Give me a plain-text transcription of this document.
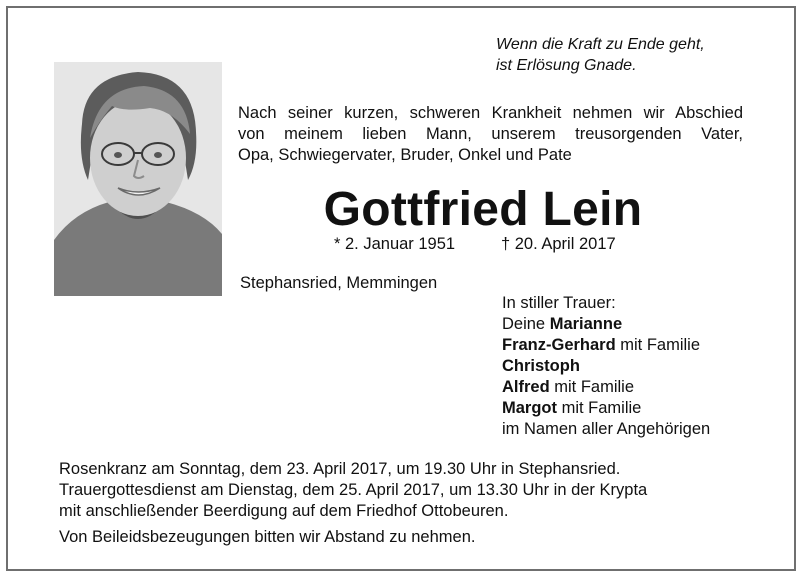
Wenn die Kraft zu Ende geht,
ist Erlösung Gnade.
Nach seiner kurzen, schweren Krankheit nehmen wir Abschied
von meinem lieben Mann, unserem treusorgenden Vater,
Opa, Schwiegervater, Bruder, Onkel und Pate
Gottfried Lein
* 2. Januar 1951	† 20. April 2017
Stephansried, Memmingen
In stiller Trauer:
Deine Marianne
Franz-Gerhard mit Familie
Christoph
Alfred mit Familie
Margot mit Familie
im Namen aller Angehörigen
Rosenkranz am Sonntag, dem 23. April 2017, um 19.30 Uhr in Stephansried.
Trauergottesdienst am Dienstag, dem 25. April 2017, um 13.30 Uhr in der Krypta
mit anschließender Beerdigung auf dem Friedhof Ottobeuren.
Von Beileidsbezeugungen bitten wir Abstand zu nehmen.
